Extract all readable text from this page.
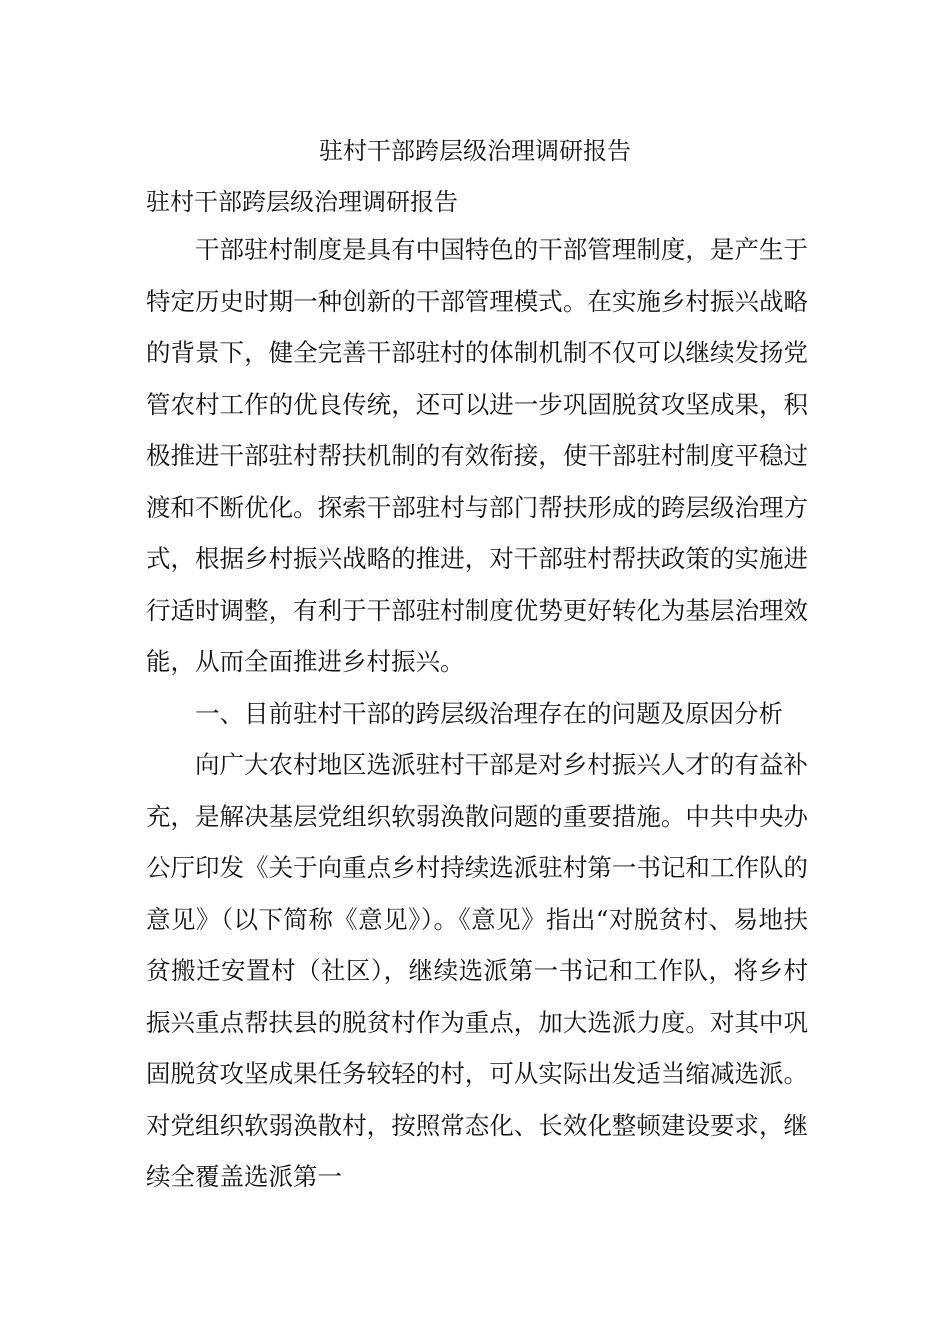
驻村干部跨层级治理调研报告
驻村干部跨层级治理调研报告

干部驻村制度是具有中国特色的干部管理制度，是产生于特定历史时期一种创新的干部管理模式。在实施乡村振兴战略的背景下，健全完善干部驻村的体制机制不仅可以继续发扬党管农村工作的优良传统，还可以进一步巩固脱贫攻坚成果，积极推进干部驻村帮扶机制的有效衔接，使干部驻村制度平稳过渡和不断优化。探索干部驻村与部门帮扶形成的跨层级治理方式，根据乡村振兴战略的推进，对干部驻村帮扶政策的实施进行适时调整，有利于干部驻村制度优势更好转化为基层治理效能，从而全面推进乡村振兴。

一、目前驻村干部的跨层级治理存在的问题及原因分析

向广大农村地区选派驻村干部是对乡村振兴人才的有益补充，是解决基层党组织软弱涣散问题的重要措施。中共中央办公厅印发《关于向重点乡村持续选派驻村第一书记和工作队的意见》（以下简称《意见》）。《意见》指出“对脱贫村、易地扶贫搬迁安置村（社区），继续选派第一书记和工作队，将乡村振兴重点帮扶县的脱贫村作为重点，加大选派力度。对其中巩固脱贫攻坚成果任务较轻的村，可从实际出发适当缩减选派。对党组织软弱涣散村，按照常态化、长效化整顿建设要求，继续全覆盖选派第一
